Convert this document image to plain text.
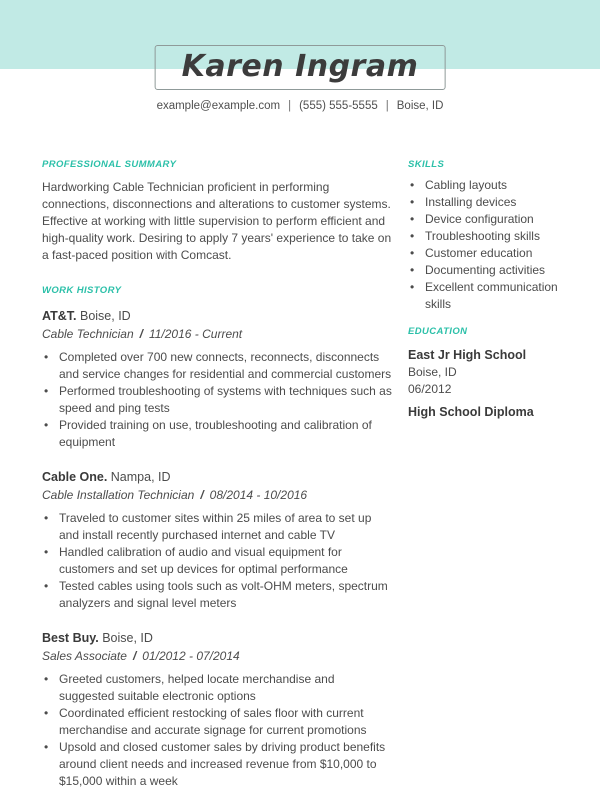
Karen Ingram
example@example.com | (555) 555-5555 | Boise, ID
PROFESSIONAL SUMMARY
Hardworking Cable Technician proficient in performing connections, disconnections and alterations to customer systems. Effective at working with little supervision to perform efficient and high-quality work. Desiring to apply 7 years' experience to take on a fast-paced position with Comcast.
WORK HISTORY
AT&T. Boise, ID
Cable Technician / 11/2016 - Current
• Completed over 700 new connects, reconnects, disconnects and service changes for residential and commercial customers
• Performed troubleshooting of systems with techniques such as speed and ping tests
• Provided training on use, troubleshooting and calibration of equipment
Cable One. Nampa, ID
Cable Installation Technician / 08/2014 - 10/2016
• Traveled to customer sites within 25 miles of area to set up and install recently purchased internet and cable TV
• Handled calibration of audio and visual equipment for customers and set up devices for optimal performance
• Tested cables using tools such as volt-OHM meters, spectrum analyzers and signal level meters
Best Buy. Boise, ID
Sales Associate / 01/2012 - 07/2014
• Greeted customers, helped locate merchandise and suggested suitable electronic options
• Coordinated efficient restocking of sales floor with current merchandise and accurate signage for current promotions
• Upsold and closed customer sales by driving product benefits around client needs and increased revenue from $10,000 to $15,000 within a week
SKILLS
• Cabling layouts
• Installing devices
• Device configuration
• Troubleshooting skills
• Customer education
• Documenting activities
• Excellent communication skills
EDUCATION
East Jr High School
Boise, ID
06/2012
High School Diploma
